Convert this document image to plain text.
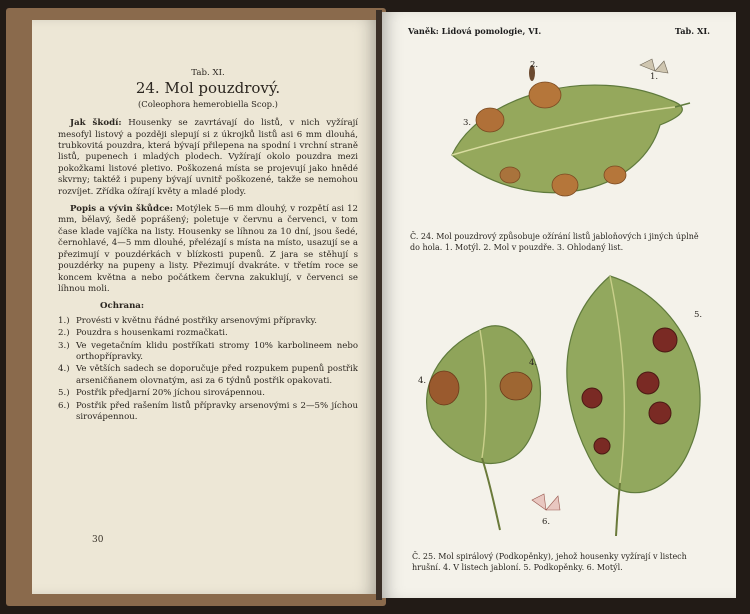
Tab. XI.
24. Mol pouzdrový.
(Coleophora hemerobiella Scop.)
Jak škodí: Housenky se zavrtávají do listů, v nich vyžírají mesofyl listový a později slepují si z úkrojků listů asi 6 mm dlouhá, trubkovitá pouzdra, která bývají přilepena na spodní i vrchní straně listů, pupenech i mladých plodech. Vyžírají okolo pouzdra mezi pokožkami listové pletivo. Poškozená místa se projevují jako hnědé skvrny; taktéž i pupeny bývají uvnitř poškozené, takže se nemohou rozvíjet. Zřídka ožírají květy a mladé plody.
Popis a vývin škůdce: Motýlek 5—6 mm dlouhý, v rozpětí asi 12 mm, bělavý, šedě poprášený; poletuje v červnu a červenci, v tom čase klade vajíčka na listy. Housenky se líhnou za 10 dní, jsou šedé, černohlavé, 4—5 mm dlouhé, přelézají s místa na místo, usazují se a přezimují v pouzdérkách v blízkosti pupenů. Z jara se stěhují s pouzdérky na pupeny a listy. Přezimují dvakráte. v třetím roce se koncem května a nebo počátkem června zakuklují, v červenci se líhnou moli.
Ochrana:
1.) Provésti v květnu řádné postřiky arsenovými přípravky.
2.) Pouzdra s housenkami rozmačkati.
3.) Ve vegetačním klidu postříkati stromy 10% karbolineem nebo orthopřípravky.
4.) Ve větších sadech se doporučuje před rozpukem pupenů postřik arseničňanem olovnatým, asi za 6 týdnů postřik opakovati.
5.) Postřik předjarní 20% jíchou sirovápennou.
6.) Postřik před rašením listů přípravky arsenovými s 2—5% jíchou sirovápennou.
30
Vaněk: Lidová pomologie, VI.	Tab. XI.
2.
1.
3.
Č. 24. Mol pouzdrový způsobuje ožírání listů jabloňových i jiných úplně do hola. 1. Motýl. 2. Mol v pouzdře. 3. Ohlodaný list.
4.
4.
5.
6.
Č. 25. Mol spirálový (Podkopěnky), jehož housenky vyžírají v listech hrušní. 4. V listech jabloní. 5. Podkopěnky. 6. Motýl.
